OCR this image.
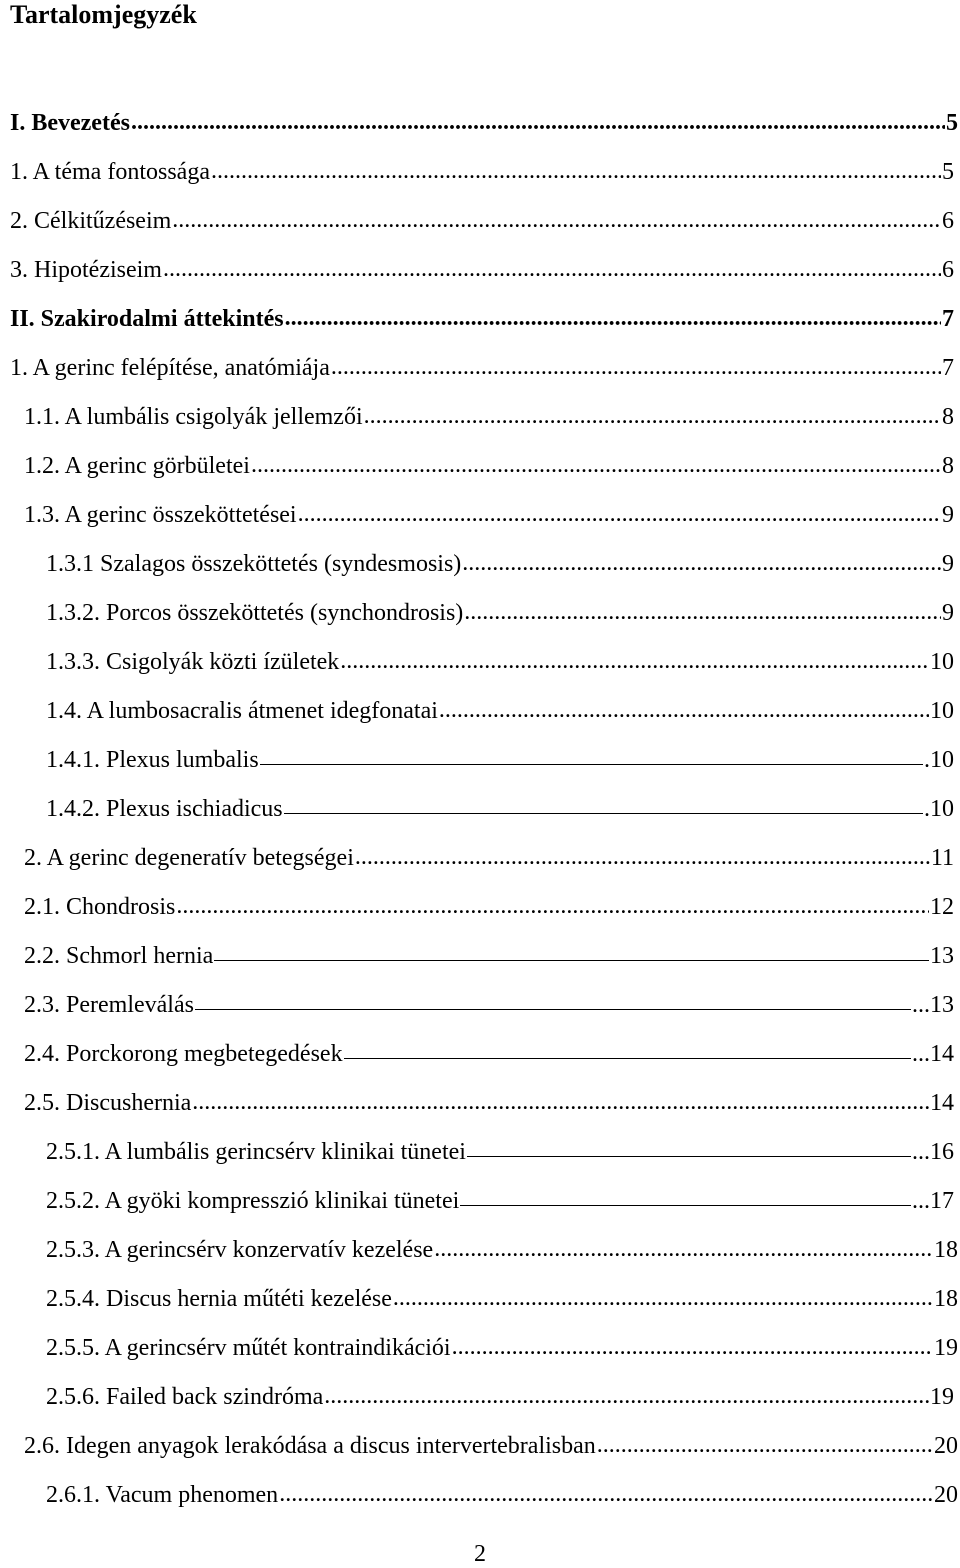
Tartalomjegyzék
I. Bevezetés .....	5
1. A téma fontossága .....	5
2. Célkitűzéseim .....	6
3. Hipotéziseim .....	6
II. Szakirodalmi áttekintés .....	7
1. A gerinc felépítése, anatómiája .....	7
1.1. A lumbális csigolyák jellemzői .....	8
1.2. A gerinc görbületei .....	8
1.3. A gerinc összeköttetései .....	9
1.3.1 Szalagos összeköttetés (syndesmosis) .....	9
1.3.2. Porcos összeköttetés (synchondrosis) .....	9
1.3.3. Csigolyák közti ízületek .....	10
1.4. A lumbosacralis átmenet idegfonatai .....	10
1.4.1. Plexus lumbalis	.10
1.4.2. Plexus ischiadicus	.10
2. A gerinc degeneratív betegségei .....	11
2.1. Chondrosis .....	12
2.2. Schmorl hernia	13
2.3. Peremleválás	...13
2.4. Porckorong megbetegedések	...14
2.5. Discushernia .....	14
2.5.1. A lumbális gerincsérv klinikai tünetei	...16
2.5.2. A gyöki kompresszió klinikai tünetei	...17
2.5.3. A gerincsérv konzervatív kezelése .....	18
2.5.4. Discus hernia műtéti kezelése .....	18
2.5.5. A gerincsérv műtét kontraindikációi .....	19
2.5.6. Failed back szindróma .....	19
2.6. Idegen anyagok lerakódása a discus intervertebralisban .....	20
2.6.1. Vacum phenomen .....	20
2
